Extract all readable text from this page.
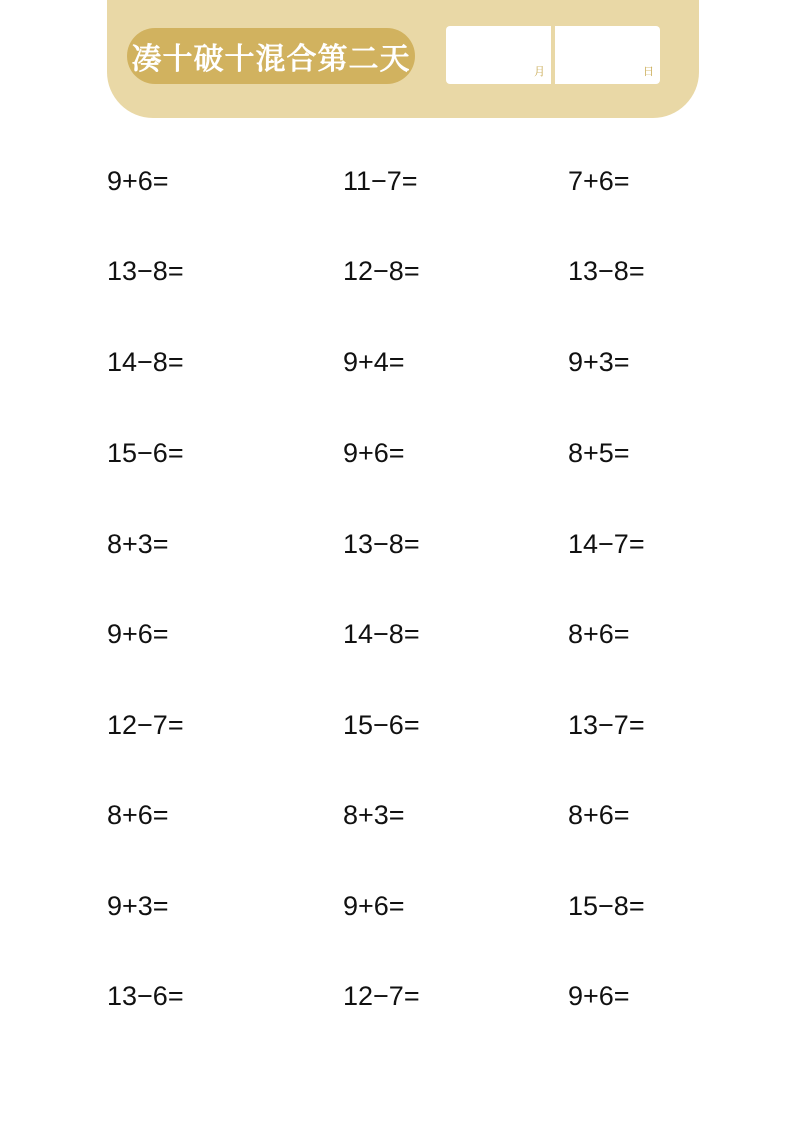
凑十破十混合第二天	月	日
9+6=	11−7=	7+6=
13−8=	12−8=	13−8=
14−8=	9+4=	9+3=
15−6=	9+6=	8+5=
8+3=	13−8=	14−7=
9+6=	14−8=	8+6=
12−7=	15−6=	13−7=
8+6=	8+3=	8+6=
9+3=	9+6=	15−8=
13−6=	12−7=	9+6=
